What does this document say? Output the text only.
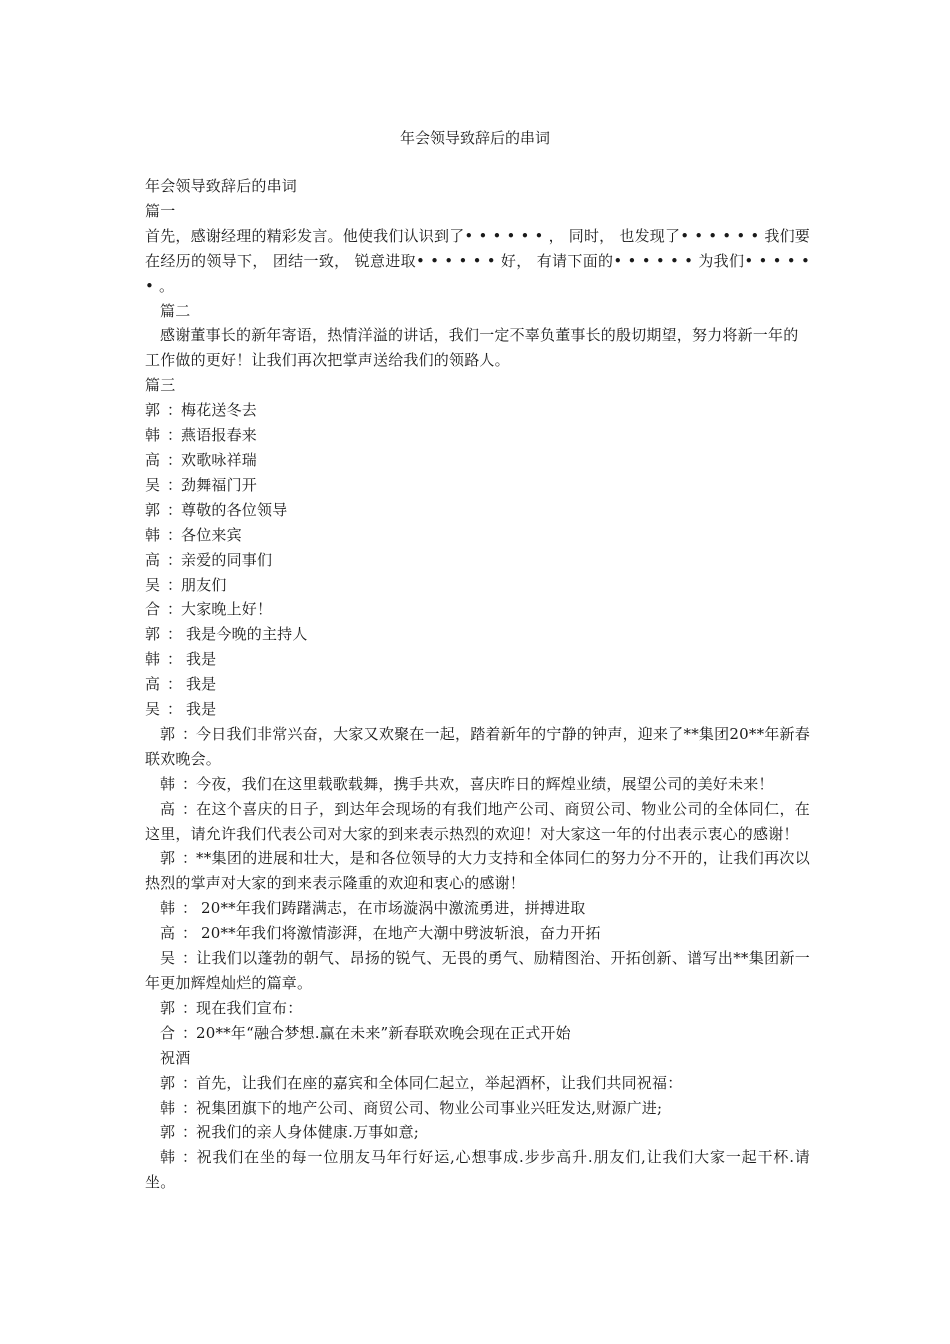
年会领导致辞后的串词

年会领导致辞后的串词

篇一

首先，感谢经理的精彩发言。他使我们认识到了• • • • • • ， 同时， 也发现了• • • • • • 我们要在经历的领导下， 团结一致， 锐意进取• • • • • • 好， 有请下面的• • • • • • 为我们• • • • • • 。

篇二

感谢董事长的新年寄语，热情洋溢的讲话，我们一定不辜负董事长的殷切期望，努力将新一年的工作做的更好！让我们再次把掌声送给我们的领路人。

篇三

郭 ：梅花送冬去

韩 ：燕语报春来

高 ：欢歌咏祥瑞

吴 ：劲舞福门开

郭 ：尊敬的各位领导

韩 ：各位来宾

高 ：亲爱的同事们

吴 ：朋友们

合 ：大家晚上好！

郭 ： 我是今晚的主持人

韩 ： 我是

高 ： 我是

吴 ： 我是

郭 ：今日我们非常兴奋，大家又欢聚在一起，踏着新年的宁静的钟声，迎来了**集团20**年新春联欢晚会。

韩 ：今夜，我们在这里载歌载舞，携手共欢，喜庆昨日的辉煌业绩，展望公司的美好未来！

高 ：在这个喜庆的日子，到达年会现场的有我们地产公司、商贸公司、物业公司的全体同仁，在这里，请允许我们代表公司对大家的到来表示热烈的欢迎！对大家这一年的付出表示衷心的感谢！

郭 ：**集团的进展和壮大，是和各位领导的大力支持和全体同仁的努力分不开的，让我们再次以热烈的掌声对大家的到来表示隆重的欢迎和衷心的感谢！

韩 ： 20**年我们踌躇满志，在市场漩涡中激流勇进，拼搏进取

高 ： 20**年我们将激情澎湃，在地产大潮中劈波斩浪，奋力开拓

吴 ：让我们以蓬勃的朝气、昂扬的锐气、无畏的勇气、励精图治、开拓创新、谱写出**集团新一年更加辉煌灿烂的篇章。

郭 ：现在我们宣布：

合 ：20**年“融合梦想.赢在未来”新春联欢晚会现在正式开始

祝酒

郭 ：首先，让我们在座的嘉宾和全体同仁起立，举起酒杯，让我们共同祝福：

韩 ：祝集团旗下的地产公司、商贸公司、物业公司事业兴旺发达,财源广进;

郭 ：祝我们的亲人身体健康.万事如意;

韩 ：祝我们在坐的每一位朋友马年行好运,心想事成.步步高升.朋友们,让我们大家一起干杯.请坐。
